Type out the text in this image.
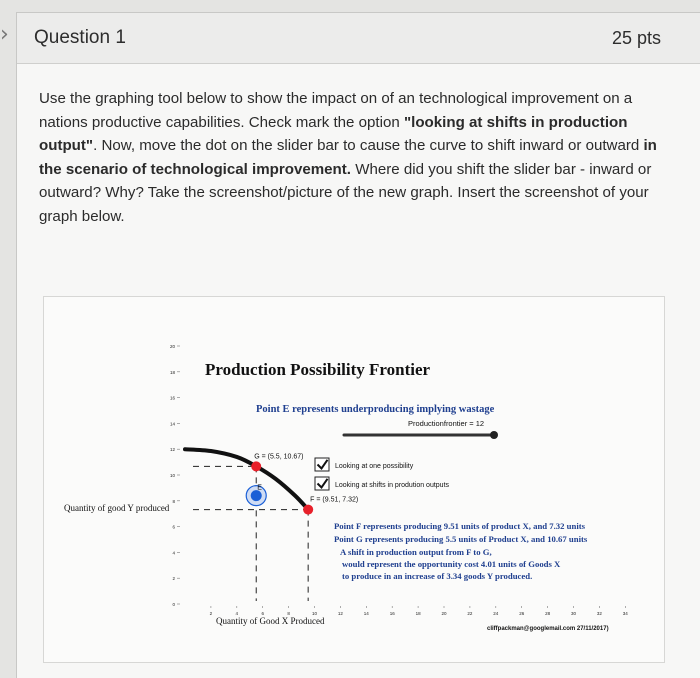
› Question 1	25 pts
Use the graphing tool below to show the impact on of an technological improvement on a nations productive capabilities. Check mark the option "looking at shifts in production output". Now, move the dot on the slider bar to cause the curve to shift inward or outward in the scenario of technological improvement. Where did you shift the slider bar - inward or outward? Why? Take the screenshot/picture of the new graph. Insert the screenshot of your graph below.
0
2
4
6
8
10
12
14
16
18
20
2	4	6	8	10	12	14	16	18	20	22	24	26	28	30	32	34
Production Possibility Frontier
Point E represents underproducing implying wastage
Productionfrontier = 12
E
G = (5.5, 10.67)
F = (9.51, 7.32)
Looking at one possibility
Looking at shifts in prodution outputs
Quantity of Good X Produced
Quantity of good Y produced
Point F represents producing 9.51 units of product X, and 7.32 units
Point G represents producing 5.5 units of Product X, and 10.67 units
A shift in production output from F to G,
would represent the opportunity cost 4.01 units of Goods X
to produce in an increase of 3.34 goods Y produced.
cliffpackman@googlemail.com 27/11/2017)
